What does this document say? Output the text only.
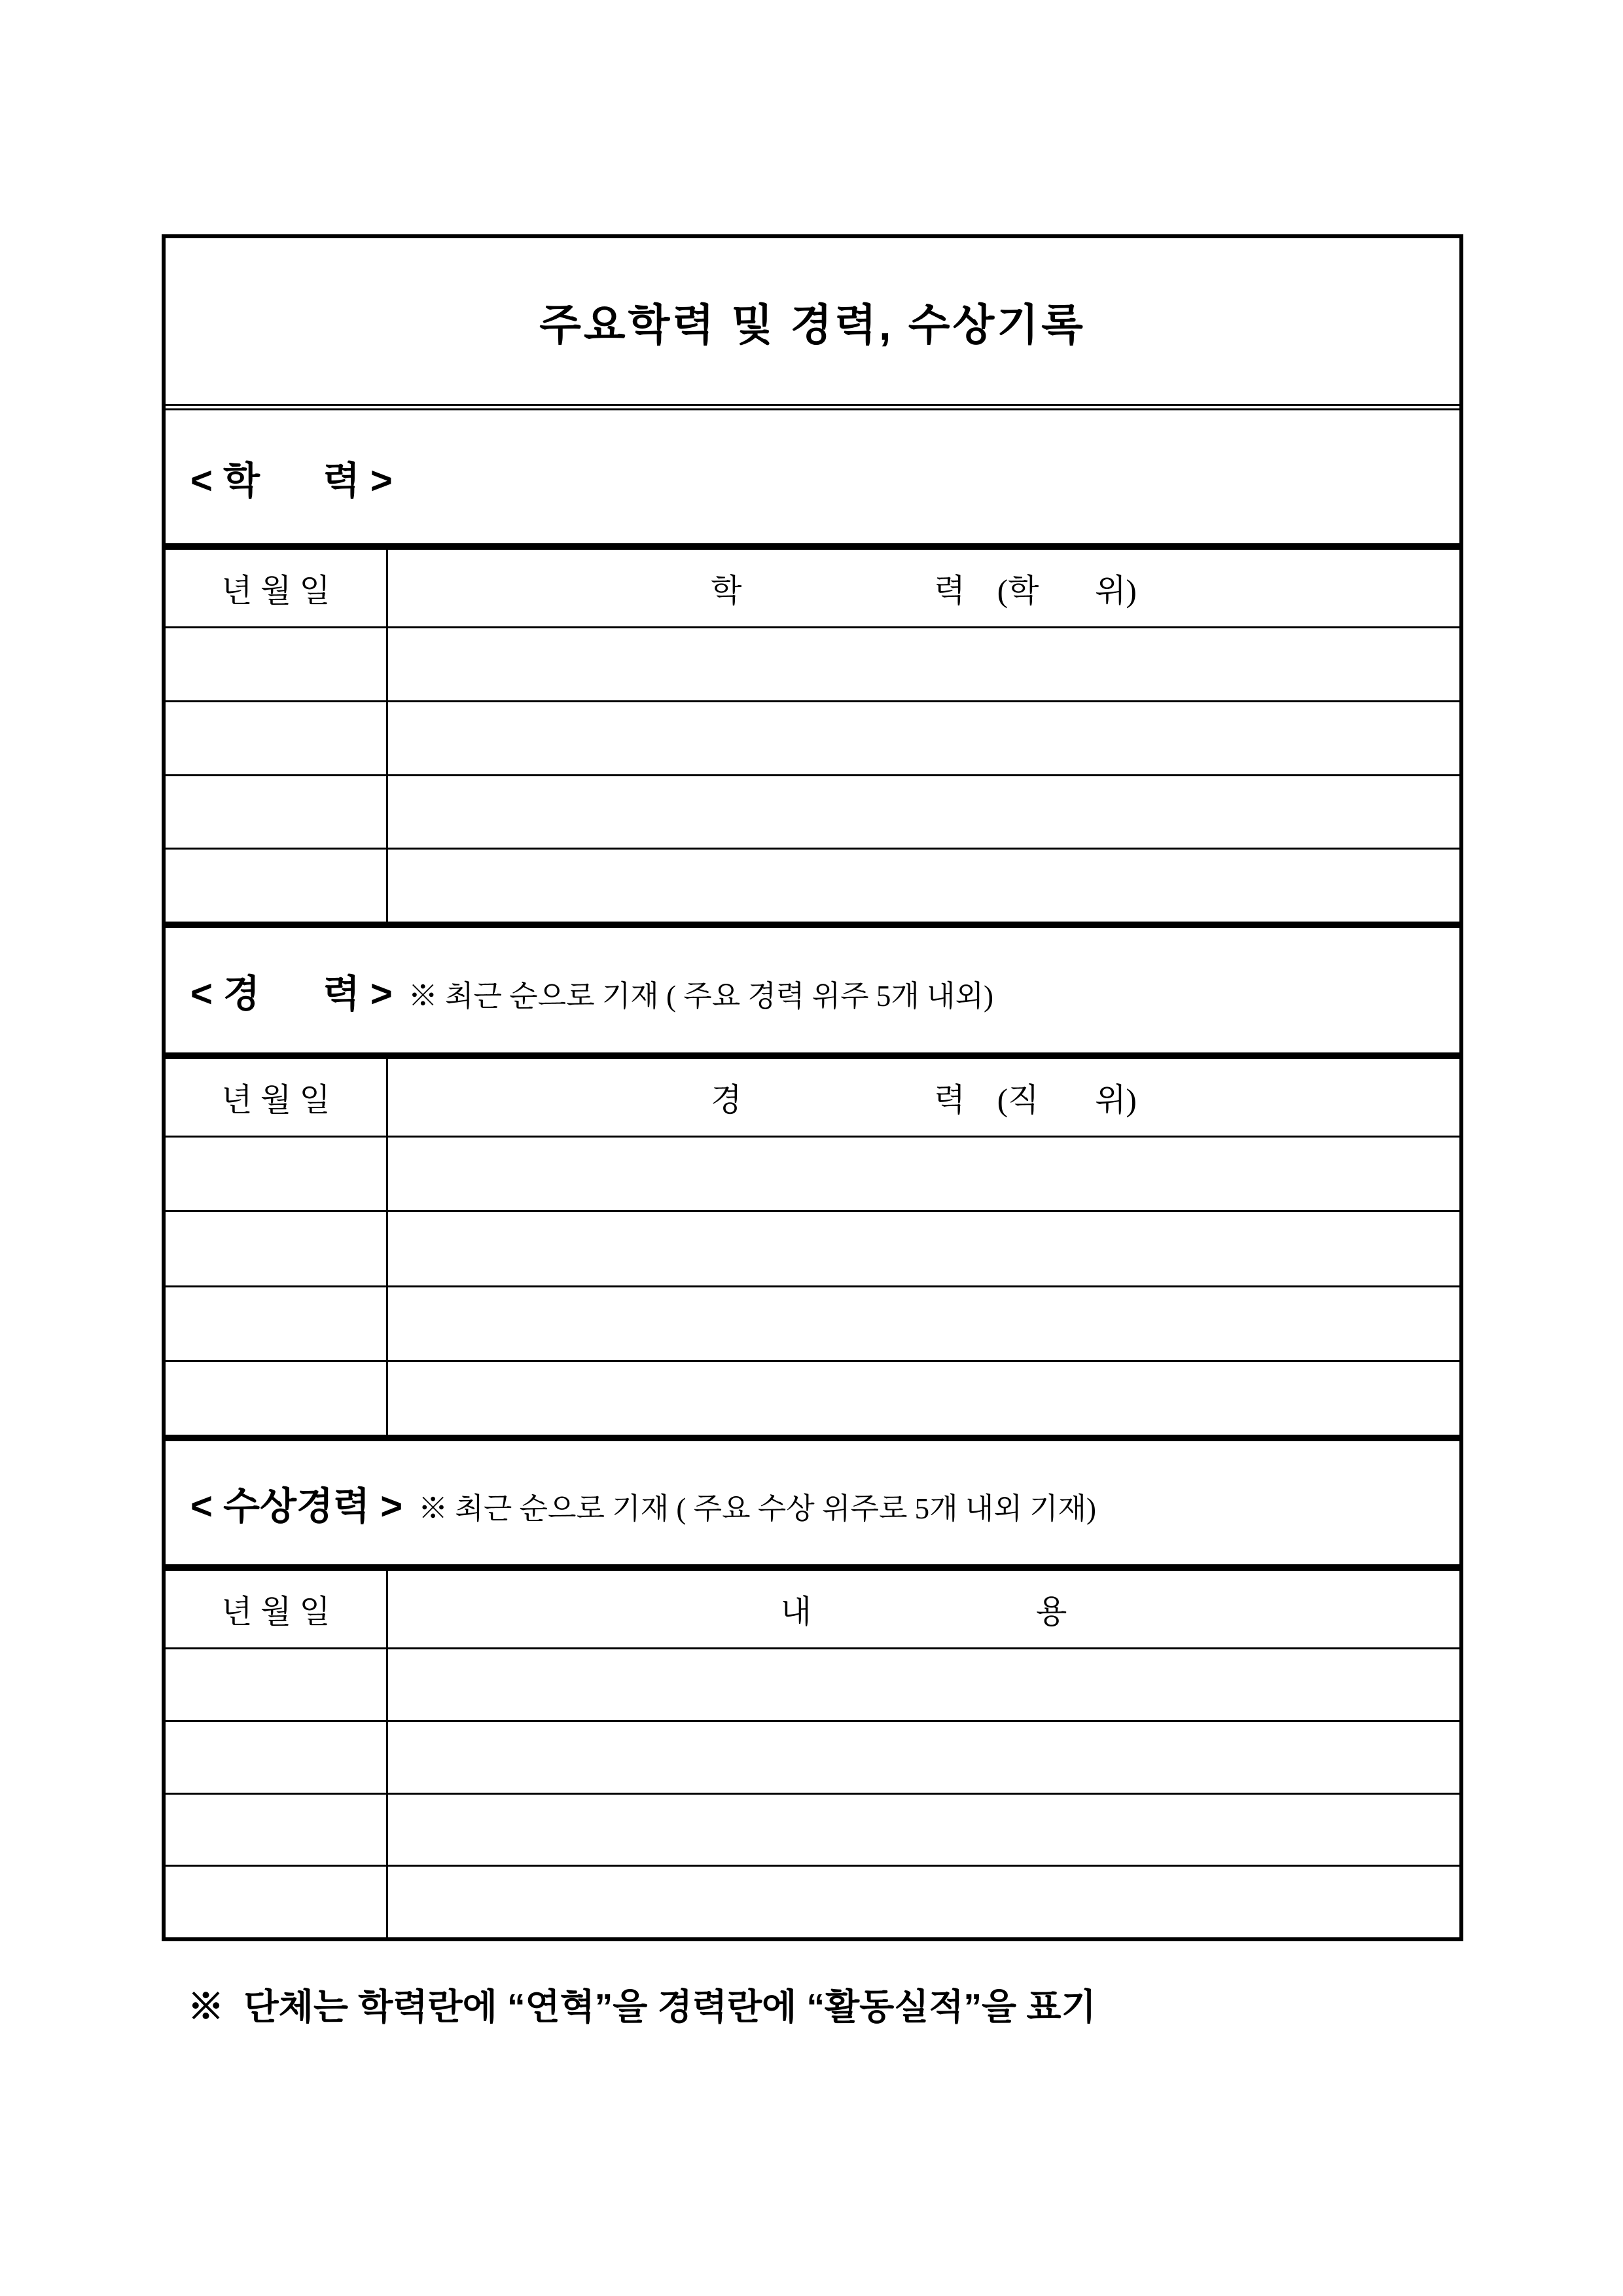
주요학력 및 경력, 수상기록
< 학      력 >
년 월 일	학                        력    (학       위)
< 경      력 > ※ 최근 순으로 기재 ( 주요 경력 위주 5개 내외)
년 월 일	경                        력    (직       위)
< 수상경력 > ※ 최근 순으로 기재 ( 주요 수상 위주로 5개 내외 기재)
년 월 일	내                            용
※  단체는 학력란에 “연혁”을 경력란에 “활동실적”을 표기
